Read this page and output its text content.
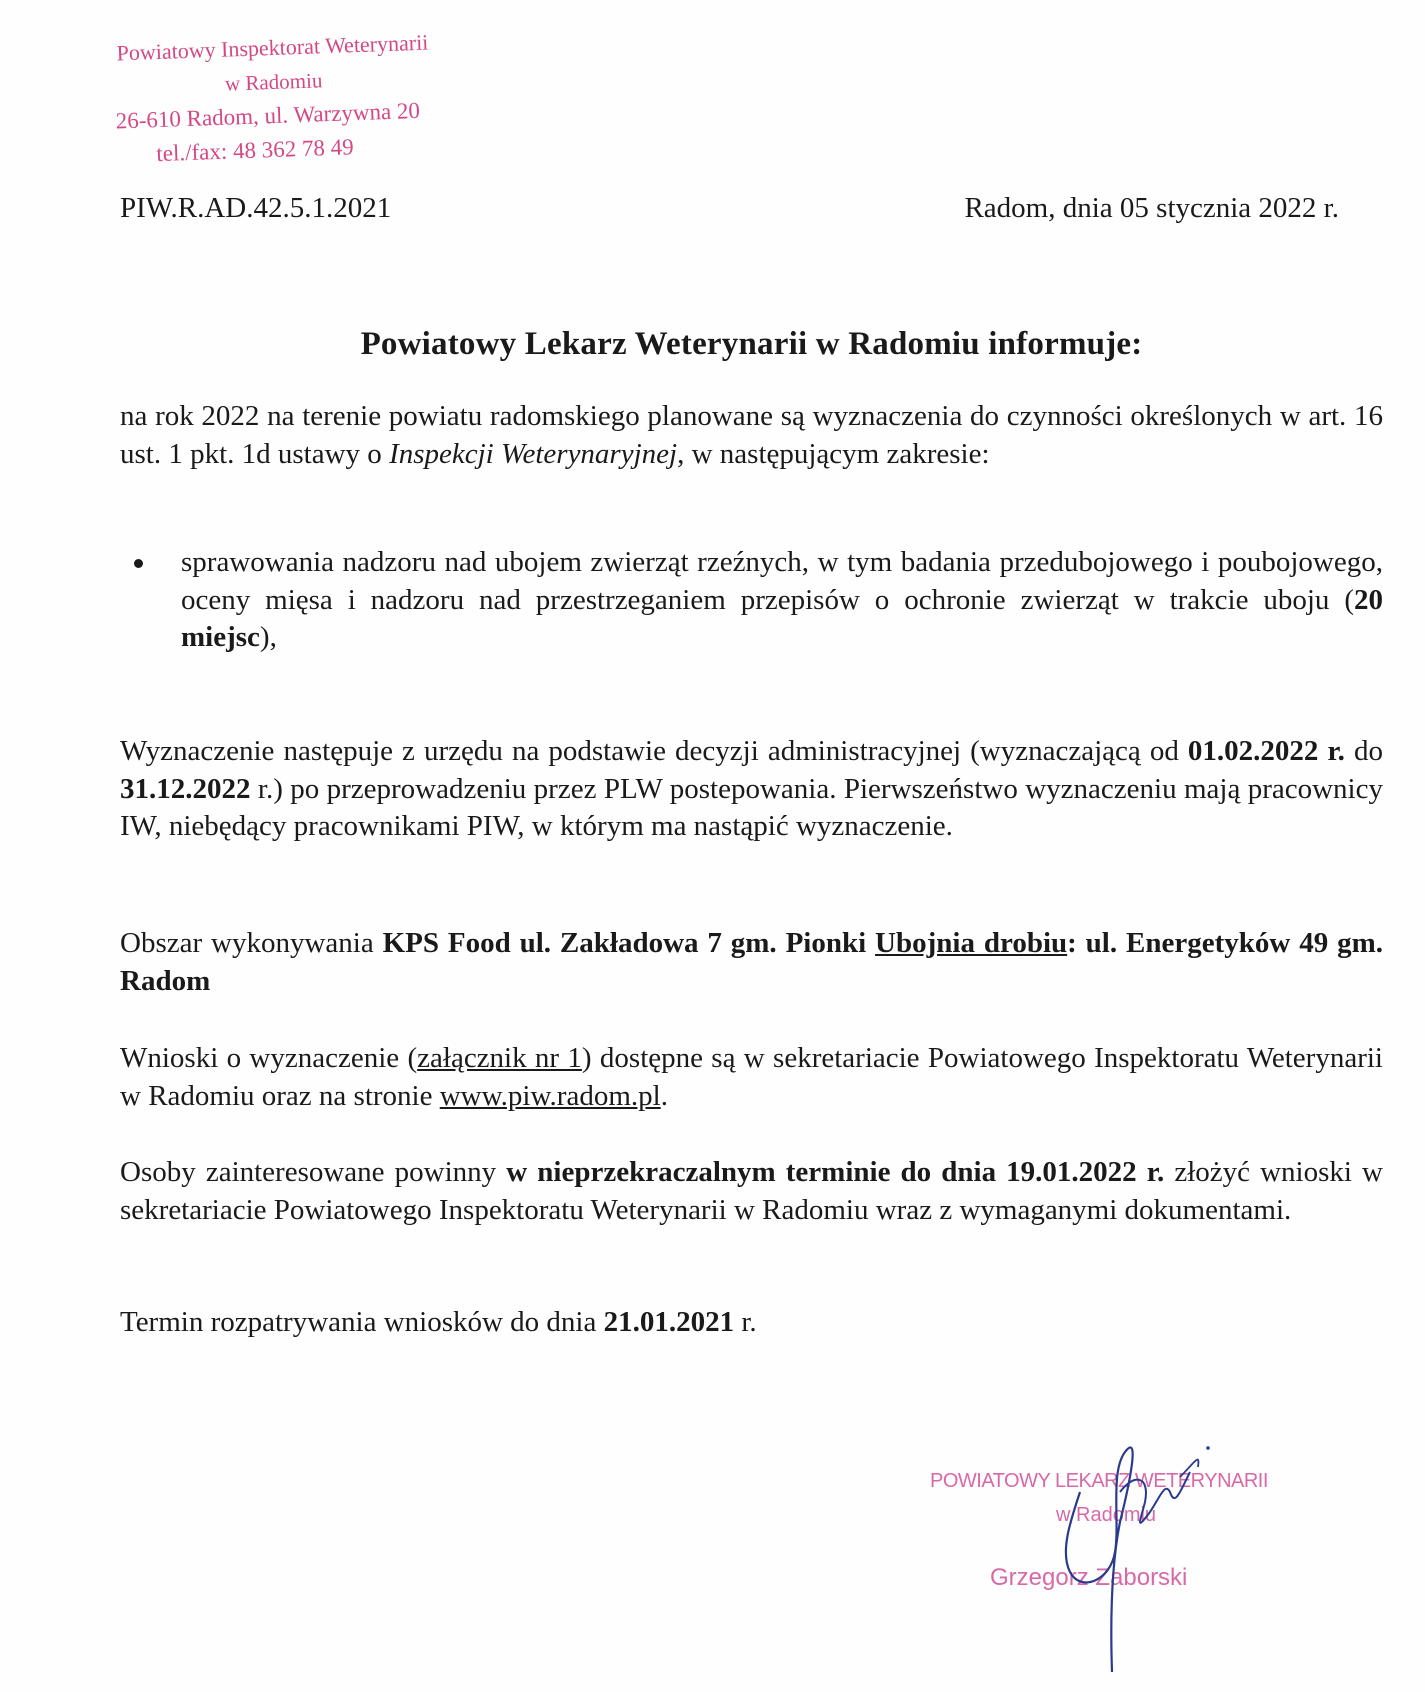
Powiatowy Inspektorat Weterynarii
w Radomiu
26-610 Radom, ul. Warzywna 20
tel./fax: 48 362 78 49
PIW.R.AD.42.5.1.2021	Radom, dnia 05 stycznia 2022 r.
Powiatowy Lekarz Weterynarii w Radomiu informuje:
na rok 2022 na terenie powiatu radomskiego planowane są wyznaczenia do czynności określonych w art. 16 ust. 1 pkt. 1d ustawy o Inspekcji Weterynaryjnej, w następującym zakresie:
sprawowania nadzoru nad ubojem zwierząt rzeźnych, w tym badania przedubojowego i poubojowego, oceny mięsa i nadzoru nad przestrzeganiem przepisów o ochronie zwierząt w trakcie uboju (20 miejsc),
Wyznaczenie następuje z urzędu na podstawie decyzji administracyjnej (wyznaczającą od 01.02.2022 r. do 31.12.2022 r.) po przeprowadzeniu przez PLW postepowania. Pierwszeństwo wyznaczeniu mają pracownicy IW, niebędący pracownikami PIW, w którym ma nastąpić wyznaczenie.
Obszar wykonywania KPS Food ul. Zakładowa 7 gm. Pionki Ubojnia drobiu: ul. Energetyków 49 gm. Radom
Wnioski o wyznaczenie (załącznik nr 1) dostępne są w sekretariacie Powiatowego Inspektoratu Weterynarii w Radomiu oraz na stronie www.piw.radom.pl.
Osoby zainteresowane powinny w nieprzekraczalnym terminie do dnia 19.01.2022 r. złożyć wnioski w sekretariacie Powiatowego Inspektoratu Weterynarii w Radomiu wraz z wymaganymi dokumentami.
Termin rozpatrywania wniosków do dnia 21.01.2021 r.
POWIATOWY LEKARZ WETERYNARII
w Radomiu
Grzegorz Zaborski
